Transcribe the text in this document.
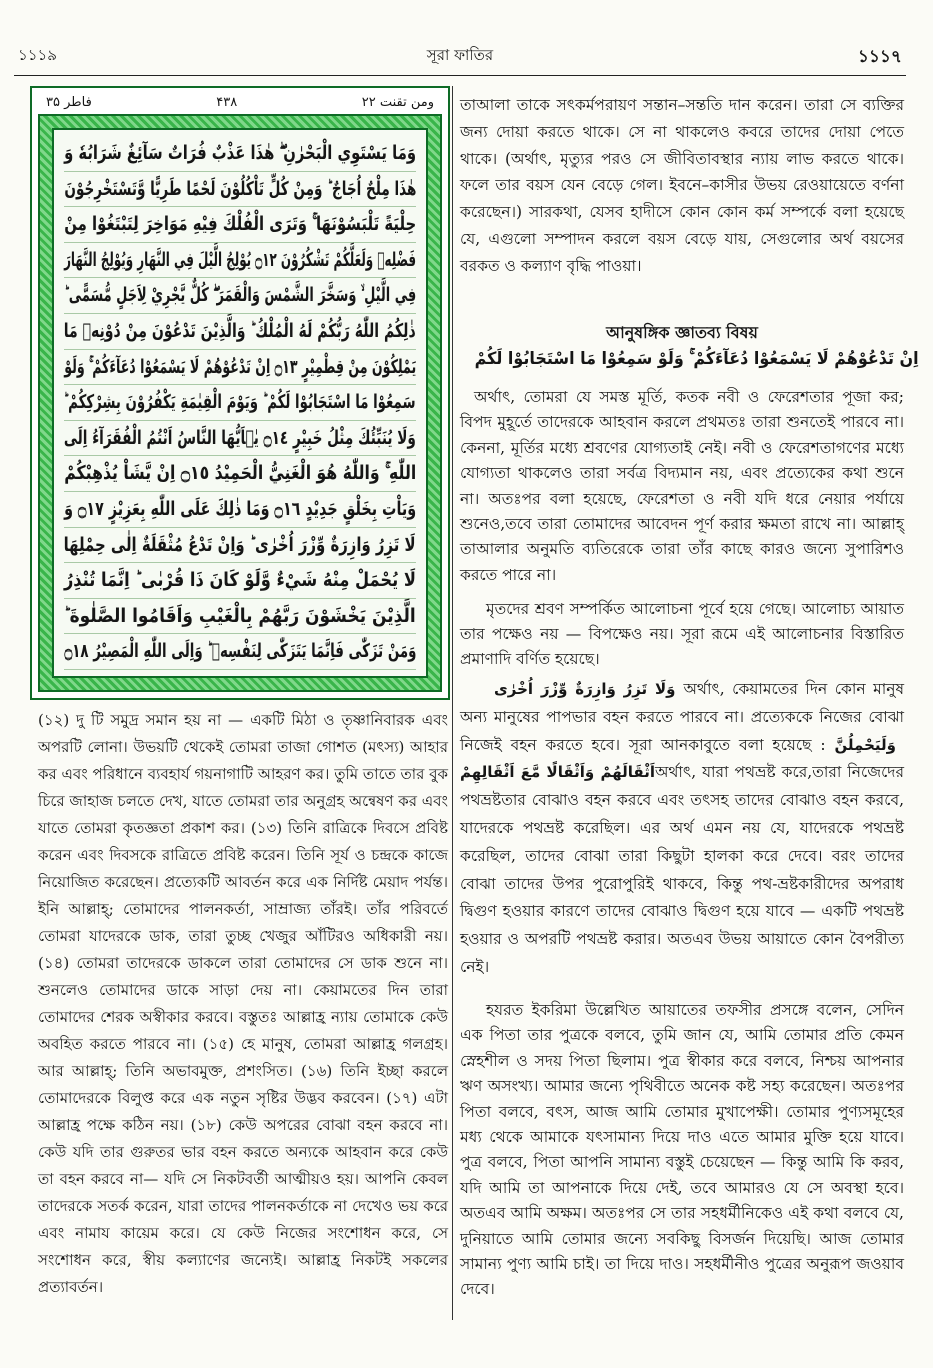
১১১৯	সূরা ফাতির	১১১৭
ومن تقنت ۲۲
۴۳۸
فاطر ۳۵
وَمَا يَسْتَوِي الْبَحْرٰنِ ۖ هٰذَا عَذْبٌ فُرَاتٌ سَآئِغٌ شَرَابُهٗ وَ
هٰذَا مِلْحٌ اُجَاجٌ ؕ وَمِنْ كُلٍّ تَاْكُلُوْنَ لَحْمًا طَرِيًّا وَّتَسْتَخْرِجُوْنَ
حِلْيَةً تَلْبَسُوْنَهَا ۚ وَتَرَى الْفُلْكَ فِيْهِ مَوَاخِرَ لِتَبْتَغُوْا مِنْ
فَضْلِهٖ وَلَعَلَّكُمْ تَشْكُرُوْنَ ۝١٢ يُوْلِجُ الَّيْلَ فِي النَّهَارِ وَيُوْلِجُ النَّهَارَ
فِي الَّيْلِ ۙ وَسَخَّرَ الشَّمْسَ وَالْقَمَرَ ۖ كُلٌّ يَّجْرِيْ لِاَجَلٍ مُّسَمًّى ؕ
ذٰلِكُمُ اللّٰهُ رَبُّكُمْ لَهُ الْمُلْكُ ؕ وَالَّذِيْنَ تَدْعُوْنَ مِنْ دُوْنِهٖ مَا
يَمْلِكُوْنَ مِنْ قِطْمِيْرٍ ۝١٣ اِنْ تَدْعُوْهُمْ لَا يَسْمَعُوْا دُعَآءَكُمْ ۚ وَلَوْ
سَمِعُوْا مَا اسْتَجَابُوْا لَكُمْ ؕ وَيَوْمَ الْقِيٰمَةِ يَكْفُرُوْنَ بِشِرْكِكُمْ ؕ
وَلَا يُنَبِّئُكَ مِثْلُ خَبِيْرٍ ۝١٤ يٰۤاَيُّهَا النَّاسُ اَنْتُمُ الْفُقَرَآءُ اِلَى
اللّٰهِ ۚ وَاللّٰهُ هُوَ الْغَنِيُّ الْحَمِيْدُ ۝١٥ اِنْ يَّشَاْ يُذْهِبْكُمْ
وَيَاْتِ بِخَلْقٍ جَدِيْدٍ ۝١٦ وَمَا ذٰلِكَ عَلَى اللّٰهِ بِعَزِيْزٍ ۝١٧ وَ
لَا تَزِرُ وَازِرَةٌ وِّزْرَ اُخْرٰى ؕ وَاِنْ تَدْعُ مُثْقَلَةٌ اِلٰى حِمْلِهَا
لَا يُحْمَلْ مِنْهُ شَيْءٌ وَّلَوْ كَانَ ذَا قُرْبٰى ؕ اِنَّمَا تُنْذِرُ
الَّذِيْنَ يَخْشَوْنَ رَبَّهُمْ بِالْغَيْبِ وَاَقَامُوا الصَّلٰوةَ ؕ
وَمَنْ تَزَكّٰى فَاِنَّمَا يَتَزَكّٰى لِنَفْسِهٖ ؕ وَاِلَى اللّٰهِ الْمَصِيْرُ ۝١٨

(১২) দু টি সমুদ্র সমান হয় না — একটি মিঠা ও তৃষ্ণানিবারক এবং অপরটি লোনা। উভয়টি থেকেই তোমরা তাজা গোশত (মৎস্য) আহার কর এবং পরিধানে ব্যবহার্য গয়নাগাটি আহরণ কর। তুমি তাতে তার বুক চিরে জাহাজ চলতে দেখ, যাতে তোমরা তার অনুগ্রহ অন্বেষণ কর এবং যাতে তোমরা কৃতজ্ঞতা প্রকাশ কর। (১৩) তিনি রাত্রিকে দিবসে প্রবিষ্ট করেন এবং দিবসকে রাত্রিতে প্রবিষ্ট করেন। তিনি সূর্য ও চন্দ্রকে কাজে নিয়োজিত করেছেন। প্রত্যেকটি আবর্তন করে এক নির্দিষ্ট মেয়াদ পর্যন্ত। ইনি আল্লাহ্; তোমাদের পালনকর্তা, সাম্রাজ্য তাঁরই। তাঁর পরিবর্তে তোমরা যাদেরকে ডাক, তারা তুচ্ছ খেজুর আঁটিরও অধিকারী নয়। (১৪) তোমরা তাদেরকে ডাকলে তারা তোমাদের সে ডাক শুনে না। শুনলেও তোমাদের ডাকে সাড়া দেয় না। কেয়ামতের দিন তারা তোমাদের শেরক অস্বীকার করবে। বস্তুতঃ আল্লাহ্র ন্যায় তোমাকে কেউ অবহিত করতে পারবে না। (১৫) হে মানুষ, তোমরা আল্লাহ্র গলগ্রহ। আর আল্লাহ্; তিনি অভাবমুক্ত, প্রশংসিত। (১৬) তিনি ইচ্ছা করলে তোমাদেরকে বিলুপ্ত করে এক নতুন সৃষ্টির উদ্ভব করবেন। (১৭) এটা আল্লাহ্র পক্ষে কঠিন নয়। (১৮) কেউ অপরের বোঝা বহন করবে না। কেউ যদি তার গুরুতর ভার বহন করতে অন্যকে আহবান করে কেউ তা বহন করবে না— যদি সে নিকটবর্তী আত্মীয়ও হয়। আপনি কেবল তাদেরকে সতর্ক করেন, যারা তাদের পালনকর্তাকে না দেখেও ভয় করে এবং নামায কায়েম করে। যে কেউ নিজের সংশোধন করে, সে সংশোধন করে, স্বীয় কল্যাণের জন্যেই। আল্লাহ্র নিকটই সকলের প্রত্যাবর্তন।

তাআলা তাকে সৎকর্মপরায়ণ সন্তান–সন্ততি দান করেন। তারা সে ব্যক্তির জন্য দোয়া করতে থাকে। সে না থাকলেও কবরে তাদের দোয়া পেতে থাকে। (অর্থাৎ, মৃত্যুর পরও সে জীবিতাবস্থার ন্যায় লাভ করতে থাকে। ফলে তার বয়স যেন বেড়ে গেল। ইবনে–কাসীর উভয় রেওয়ায়েতে বর্ণনা করেছেন।) সারকথা, যেসব হাদীসে কোন কোন কর্ম সম্পর্কে বলা হয়েছে যে, এগুলো সম্পাদন করলে বয়স বেড়ে যায়, সেগুলোর অর্থ বয়সের বরকত ও কল্যাণ বৃদ্ধি পাওয়া।

আনুষঙ্গিক জ্ঞাতব্য বিষয়
اِنْ تَدْعُوْهُمْ لَا يَسْمَعُوْا دُعَآءَكُمْ ۚ وَلَوْ سَمِعُوْا مَا اسْتَجَابُوْا لَكُمْ

অর্থাৎ, তোমরা যে সমস্ত মূর্তি, কতক নবী ও ফেরেশতার পূজা কর; বিপদ মুহূর্তে তাদেরকে আহবান করলে প্রথমতঃ তারা শুনতেই পারবে না। কেননা, মূর্তির মধ্যে শ্রবণের যোগ্যতাই নেই। নবী ও ফেরেশতাগণের মধ্যে যোগ্যতা থাকলেও তারা সর্বত্র বিদ্যমান নয়, এবং প্রত্যেকের কথা শুনে না। অতঃপর বলা হয়েছে, ফেরেশতা ও নবী যদি ধরে নেয়ার পর্যায়ে শুনেও,তবে তারা তোমাদের আবেদন পূর্ণ করার ক্ষমতা রাখে না। আল্লাহ্ তাআলার অনুমতি ব্যতিরেকে তারা তাঁর কাছে কারও জন্যে সুপারিশও করতে পারে না।

মৃতদের শ্রবণ সম্পর্কিত আলোচনা পূর্বে হয়ে গেছে। আলোচ্য আয়াত তার পক্ষেও নয় — বিপক্ষেও নয়। সূরা রূমে এই আলোচনার বিস্তারিত প্রমাণাদি বর্ণিত হয়েছে।

وَلَا تَزِرُ وَازِرَةٌ وِّزْرَ اُخْرٰى অর্থাৎ, কেয়ামতের দিন কোন মানুষ অন্য মানুষের পাপভার বহন করতে পারবে না। প্রত্যেককে নিজের বোঝা নিজেই বহন করতে হবে। সূরা আনকাবুতে বলা হয়েছে : وَلَيَحْمِلُنَّ اَثْقَالَهُمْ وَاَثْقَالًا مَّعَ اَثْقَالِهِمْঅর্থাৎ, যারা পথভ্রষ্ট করে,তারা নিজেদের পথভ্রষ্টতার বোঝাও বহন করবে এবং তৎসহ তাদের বোঝাও বহন করবে, যাদেরকে পথভ্রষ্ট করেছিল। এর অর্থ এমন নয় যে, যাদেরকে পথভ্রষ্ট করেছিল, তাদের বোঝা তারা কিছুটা হালকা করে দেবে। বরং তাদের বোঝা তাদের উপর পুরোপুরিই থাকবে, কিন্তু পথ-ভ্রষ্টকারীদের অপরাধ দ্বিগুণ হওয়ার কারণে তাদের বোঝাও দ্বিগুণ হয়ে যাবে — একটি পথভ্রষ্ট হওয়ার ও অপরটি পথভ্রষ্ট করার। অতএব উভয় আয়াতে কোন বৈপরীত্য নেই।

হযরত ইকরিমা উল্লেখিত আয়াতের তফসীর প্রসঙ্গে বলেন, সেদিন এক পিতা তার পুত্রকে বলবে, তুমি জান যে, আমি তোমার প্রতি কেমন স্নেহশীল ও সদয় পিতা ছিলাম। পুত্র স্বীকার করে বলবে, নিশ্চয় আপনার ঋণ অসংখ্য। আমার জন্যে পৃথিবীতে অনেক কষ্ট সহ্য করেছেন। অতঃপর পিতা বলবে, বৎস, আজ আমি তোমার মুখাপেক্ষী। তোমার পুণ্যসমূহের মধ্য থেকে আমাকে যৎসামান্য দিয়ে দাও এতে আমার মুক্তি হয়ে যাবে। পুত্র বলবে, পিতা আপনি সামান্য বস্তুই চেয়েছেন — কিন্তু আমি কি করব, যদি আমি তা আপনাকে দিয়ে দেই, তবে আমারও যে সে অবস্থা হবে। অতএব আমি অক্ষম। অতঃপর সে তার সহধর্মীনিকেও এই কথা বলবে যে, দুনিয়াতে আমি তোমার জন্যে সবকিছু বিসর্জন দিয়েছি। আজ তোমার সামান্য পুণ্য আমি চাই। তা দিয়ে দাও। সহধর্মীনীও পুত্রের অনুরূপ জওয়াব দেবে।
